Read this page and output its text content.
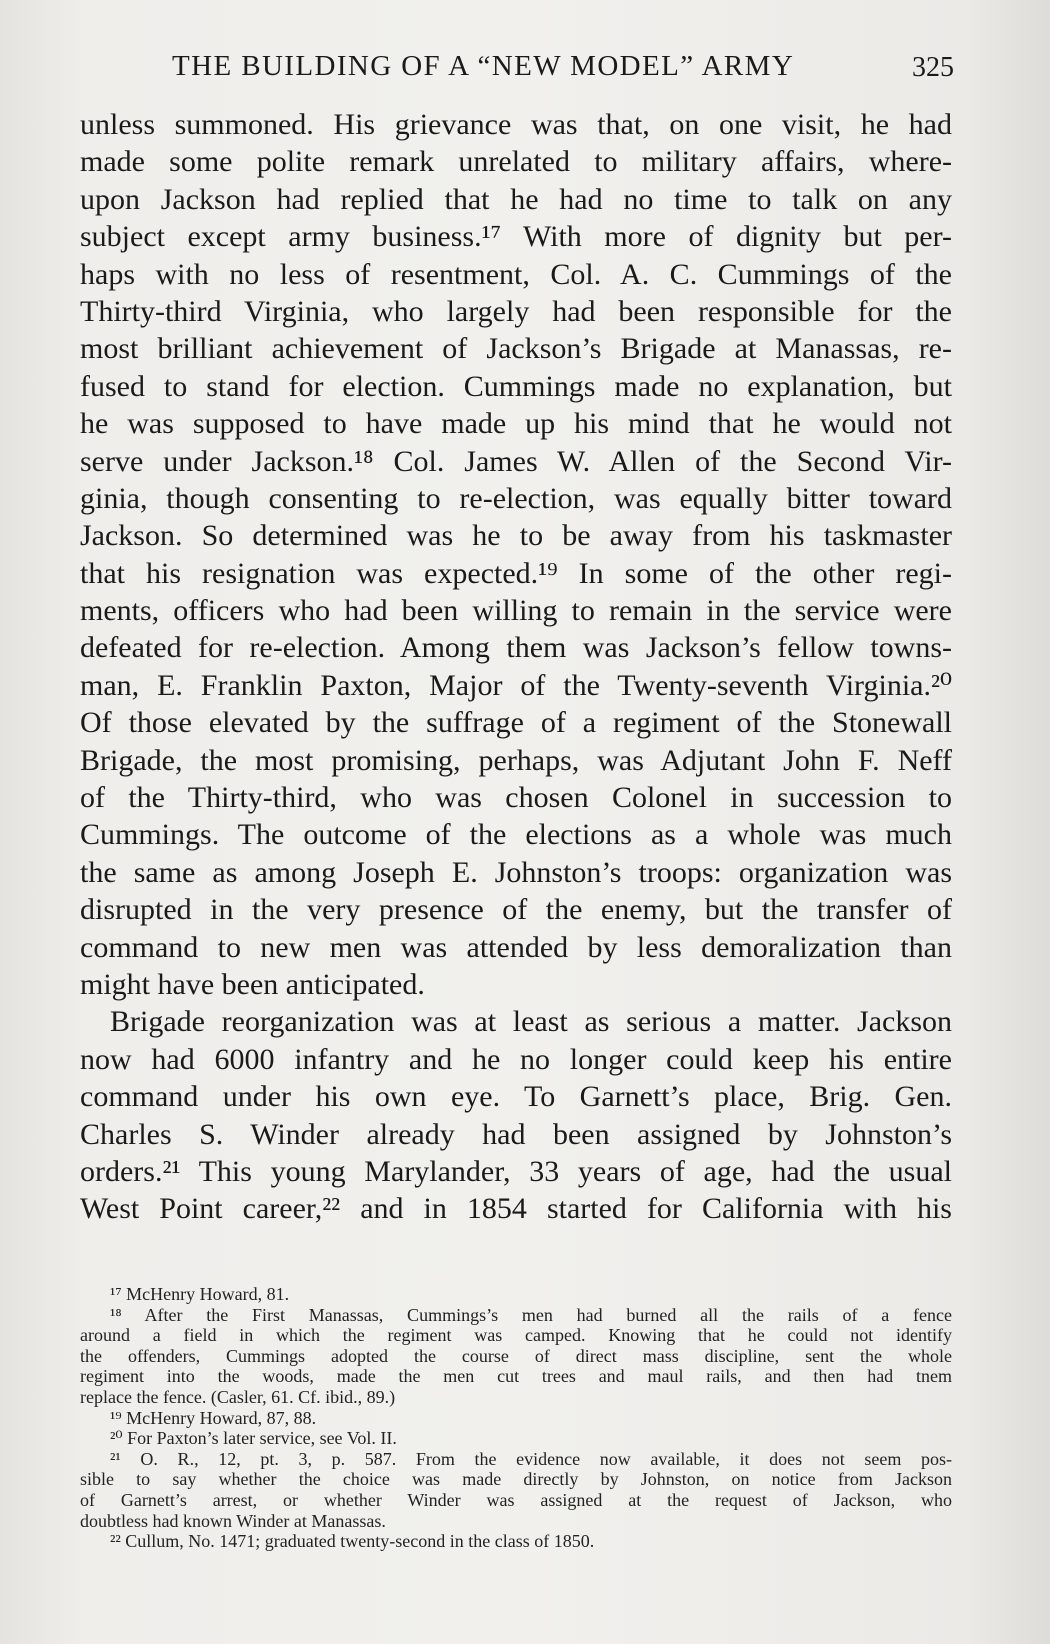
THE BUILDING OF A “NEW MODEL” ARMY	325
unless summoned. His grievance was that, on one visit, he had
made some polite remark unrelated to military affairs, where-
upon Jackson had replied that he had no time to talk on any
subject except army business.¹⁷ With more of dignity but per-
haps with no less of resentment, Col. A. C. Cummings of the
Thirty-third Virginia, who largely had been responsible for the
most brilliant achievement of Jackson’s Brigade at Manassas, re-
fused to stand for election. Cummings made no explanation, but
he was supposed to have made up his mind that he would not
serve under Jackson.¹⁸ Col. James W. Allen of the Second Vir-
ginia, though consenting to re-election, was equally bitter toward
Jackson. So determined was he to be away from his taskmaster
that his resignation was expected.¹⁹ In some of the other regi-
ments, officers who had been willing to remain in the service were
defeated for re-election. Among them was Jackson’s fellow towns-
man, E. Franklin Paxton, Major of the Twenty-seventh Virginia.²⁰
Of those elevated by the suffrage of a regiment of the Stonewall
Brigade, the most promising, perhaps, was Adjutant John F. Neff
of the Thirty-third, who was chosen Colonel in succession to
Cummings. The outcome of the elections as a whole was much
the same as among Joseph E. Johnston’s troops: organization was
disrupted in the very presence of the enemy, but the transfer of
command to new men was attended by less demoralization than
might have been anticipated.
Brigade reorganization was at least as serious a matter. Jackson
now had 6000 infantry and he no longer could keep his entire
command under his own eye. To Garnett’s place, Brig. Gen.
Charles S. Winder already had been assigned by Johnston’s
orders.²¹ This young Marylander, 33 years of age, had the usual
West Point career,²² and in 1854 started for California with his
¹⁷ McHenry Howard, 81.
¹⁸ After the First Manassas, Cummings’s men had burned all the rails of a fence
around a field in which the regiment was camped. Knowing that he could not identify
the offenders, Cummings adopted the course of direct mass discipline, sent the whole
regiment into the woods, made the men cut trees and maul rails, and then had tnem
replace the fence. (Casler, 61. Cf. ibid., 89.)
¹⁹ McHenry Howard, 87, 88.
²⁰ For Paxton’s later service, see Vol. II.
²¹ O. R., 12, pt. 3, p. 587. From the evidence now available, it does not seem pos-
sible to say whether the choice was made directly by Johnston, on notice from Jackson
of Garnett’s arrest, or whether Winder was assigned at the request of Jackson, who
doubtless had known Winder at Manassas.
²² Cullum, No. 1471; graduated twenty-second in the class of 1850.
